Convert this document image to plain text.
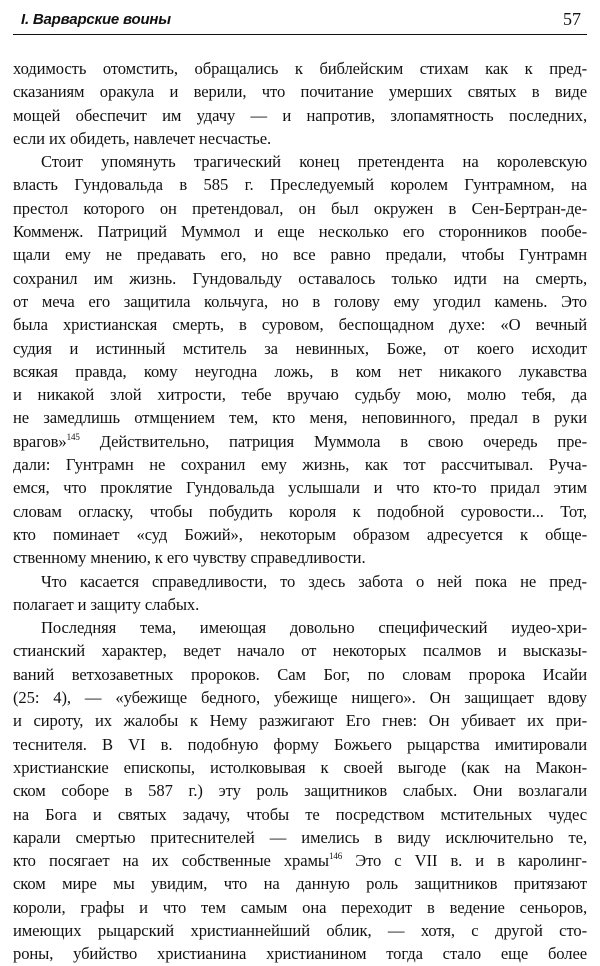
I. Варварские воины	57
ходимость отомстить, обращались к библейским стихам как к пред-
сказаниям оракула и верили, что почитание умерших святых в виде
мощей обеспечит им удачу — и напротив, злопамятность последних,
если их обидеть, навлечет несчастье.
Стоит упомянуть трагический конец претендента на королевскую
власть Гундовальда в 585 г. Преследуемый королем Гунтрамном, на
престол которого он претендовал, он был окружен в Сен-Бертран-де-
Комменж. Патриций Муммол и еще несколько его сторонников пообе-
щали ему не предавать его, но все равно предали, чтобы Гунтрамн
сохранил им жизнь. Гундовальду оставалось только идти на смерть,
от меча его защитила кольчуга, но в голову ему угодил камень. Это
была христианская смерть, в суровом, беспощадном духе: «О вечный
судия и истинный мститель за невинных, Боже, от коего исходит
всякая правда, кому неугодна ложь, в ком нет никакого лукавства
и никакой злой хитрости, тебе вручаю судьбу мою, молю тебя, да
не замедлишь отмщением тем, кто меня, неповинного, предал в руки
врагов»$^{145}$ Действительно, патриция Муммола в свою очередь пре-
дали: Гунтрамн не сохранил ему жизнь, как тот рассчитывал. Руча-
емся, что проклятие Гундовальда услышали и что кто-то придал этим
словам огласку, чтобы побудить короля к подобной суровости... Тот,
кто поминает «суд Божий», некоторым образом адресуется к обще-
ственному мнению, к его чувству справедливости.
Что касается справедливости, то здесь забота о ней пока не пред-
полагает и защиту слабых.
Последняя тема, имеющая довольно специфический иудео-хри-
стианский характер, ведет начало от некоторых псалмов и высказы-
ваний ветхозаветных пророков. Сам Бог, по словам пророка Исайи
(25: 4), — «убежище бедного, убежище нищего». Он защищает вдову
и сироту, их жалобы к Нему разжигают Его гнев: Он убивает их при-
теснителя. В VI в. подобную форму Божьего рыцарства имитировали
христианские епископы, истолковывая к своей выгоде (как на Макон-
ском соборе в 587 г.) эту роль защитников слабых. Они возлагали
на Бога и святых задачу, чтобы те посредством мстительных чудес
карали смертью притеснителей — имелись в виду исключительно те,
кто посягает на их собственные храмы$^{146}$ Это с VII в. и в каролинг-
ском мире мы увидим, что на данную роль защитников притязают
короли, графы и что тем самым она переходит в ведение сеньоров,
имеющих рыцарский христианнейший облик, — хотя, с другой сто-
роны, убийство христианина христианином тогда стало еще более
